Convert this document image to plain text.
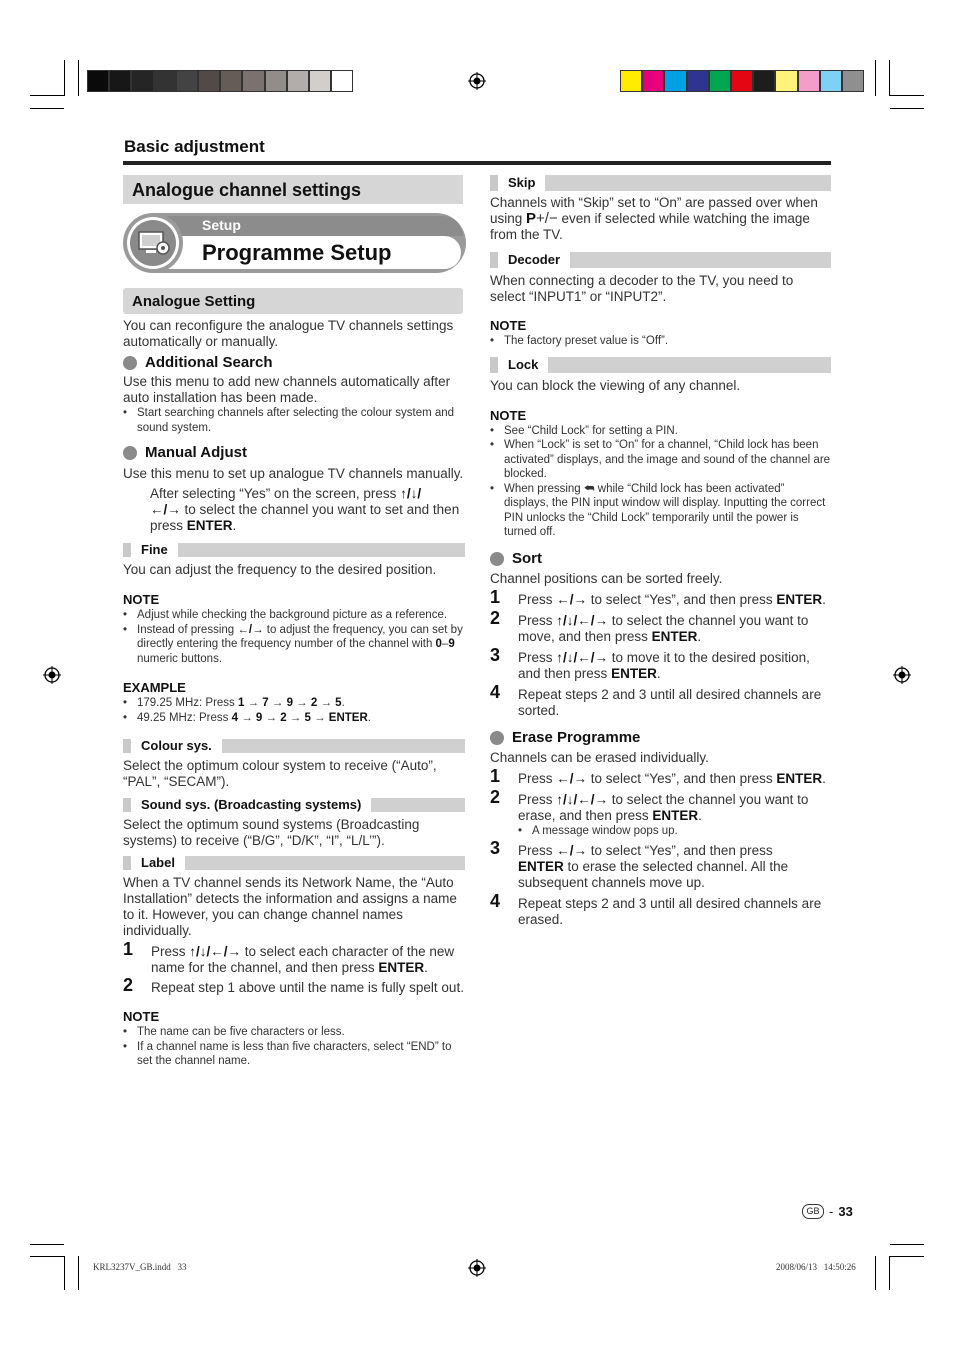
Basic adjustment
Analogue channel settings
Setup
Programme Setup
Analogue Setting

You can reconfigure the analogue TV channels settings automatically or manually.

Additional Search

Use this menu to add new channels automatically after auto installation has been made.

• Start searching channels after selecting the colour system and sound system.
Manual Adjust

Use this menu to set up analogue TV channels manually.

After selecting “Yes” on the screen, press ↑/↓/
←/→ to select the channel you want to set and then press ENTER.

Fine

You can adjust the frequency to the desired position.

NOTE
• Adjust while checking the background picture as a reference.
• Instead of pressing ←/→ to adjust the frequency, you can set by directly entering the frequency number of the channel with 0–9 numeric buttons.
EXAMPLE
• 179.25 MHz: Press 1 → 7 → 9 → 2 → 5.
• 49.25 MHz: Press 4 → 9 → 2 → 5 → ENTER.
Colour sys.

Select the optimum colour system to receive (“Auto”, “PAL”, “SECAM”).

Sound sys. (Broadcasting systems)

Select the optimum sound systems (Broadcasting systems) to receive (“B/G”, “D/K”, “I”, “L/L’”).

Label

When a TV channel sends its Network Name, the “Auto Installation” detects the information and assigns a name to it. However, you can change channel names individually.

1 Press ↑/↓/←/→ to select each character of the new name for the channel, and then press ENTER.
2 Repeat step 1 above until the name is fully spelt out.
NOTE
• The name can be five characters or less.
• If a channel name is less than five characters, select “END” to set the channel name.
Skip

Channels with “Skip” set to “On” are passed over when using P+/− even if selected while watching the image from the TV.

Decoder

When connecting a decoder to the TV, you need to select “INPUT1” or “INPUT2”.

NOTE
• The factory preset value is “Off”.
Lock

You can block the viewing of any channel.

NOTE
• See “Child Lock” for setting a PIN.
• When “Lock” is set to “On” for a channel, “Child lock has been activated” displays, and the image and sound of the channel are blocked.
• When pressing ⮪ while “Child lock has been activated” displays, the PIN input window will display. Inputting the correct PIN unlocks the “Child Lock” temporarily until the power is turned off.
Sort

Channel positions can be sorted freely.

1 Press ←/→ to select “Yes”, and then press ENTER.
2 Press ↑/↓/←/→ to select the channel you want to move, and then press ENTER.
3 Press ↑/↓/←/→ to move it to the desired position, and then press ENTER.
4 Repeat steps 2 and 3 until all desired channels are sorted.
Erase Programme

Channels can be erased individually.

1 Press ←/→ to select “Yes”, and then press ENTER.
2 Press ↑/↓/←/→ to select the channel you want to erase, and then press ENTER.
• A message window pops up.
3 Press ←/→ to select “Yes”, and then press
ENTER to erase the selected channel. All the subsequent channels move up.
4 Repeat steps 2 and 3 until all desired channels are erased.
GB - 33
KRL3237V_GB.indd   33	2008/06/13   14:50:26
